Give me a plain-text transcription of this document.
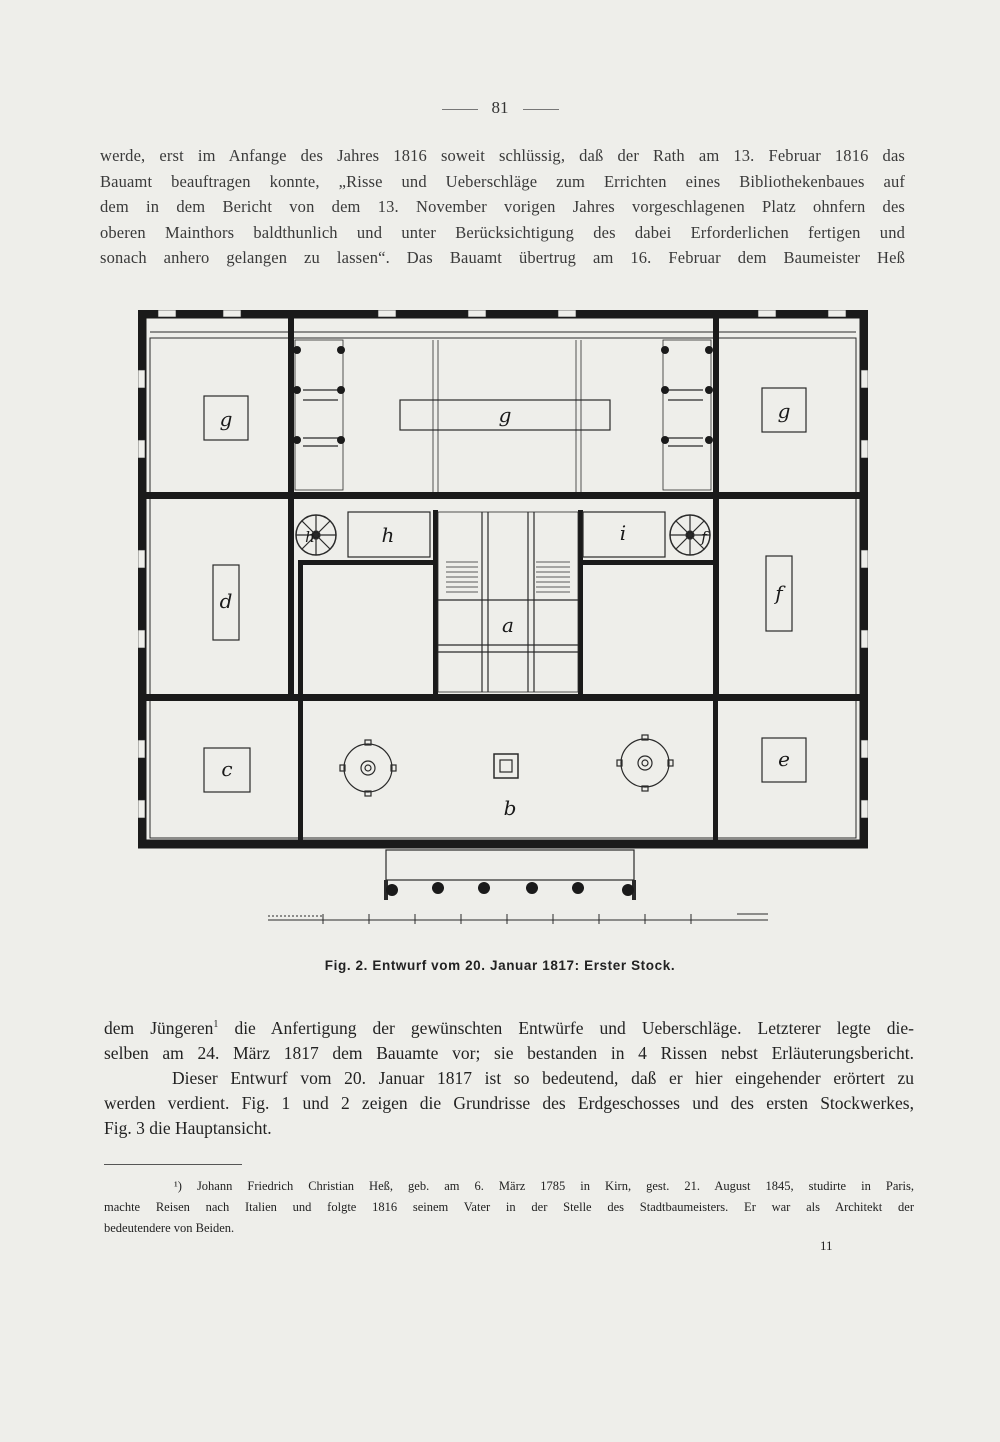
81
werde, erst im Anfange des Jahres 1816 soweit schlüssig, daß der Rath am 13. Februar 1816 das
Bauamt beauftragen konnte, „Risse und Ueberschläge zum Errichten eines Bibliothekenbaues auf
dem in dem Bericht von dem 13. November vorigen Jahres vorgeschlagenen Platz ohnfern des
oberen Mainthors baldthunlich und unter Berücksichtigung des dabei Erforderlichen fertigen und
sonach anhero gelangen zu lassen“. Das Bauamt übertrug am 16. Februar dem Baumeister Heß
g	g	g
h	h	i	f
d	f
a
c
b
e
Fig. 2. Entwurf vom 20. Januar 1817: Erster Stock.
dem Jüngeren$^1$ die Anfertigung der gewünschten Entwürfe und Ueberschläge. Letzterer legte die-
selben am 24. März 1817 dem Bauamte vor; sie bestanden in 4 Rissen nebst Erläuterungsbericht.
Dieser Entwurf vom 20. Januar 1817 ist so bedeutend, daß er hier eingehender erörtert zu
werden verdient. Fig. 1 und 2 zeigen die Grundrisse des Erdgeschosses und des ersten Stockwerkes,
Fig. 3 die Hauptansicht.
¹) Johann Friedrich Christian Heß, geb. am 6. März 1785 in Kirn, gest. 21. August 1845, studirte in Paris,
machte Reisen nach Italien und folgte 1816 seinem Vater in der Stelle des Stadtbaumeisters. Er war als Architekt der
bedeutendere von Beiden.
11
